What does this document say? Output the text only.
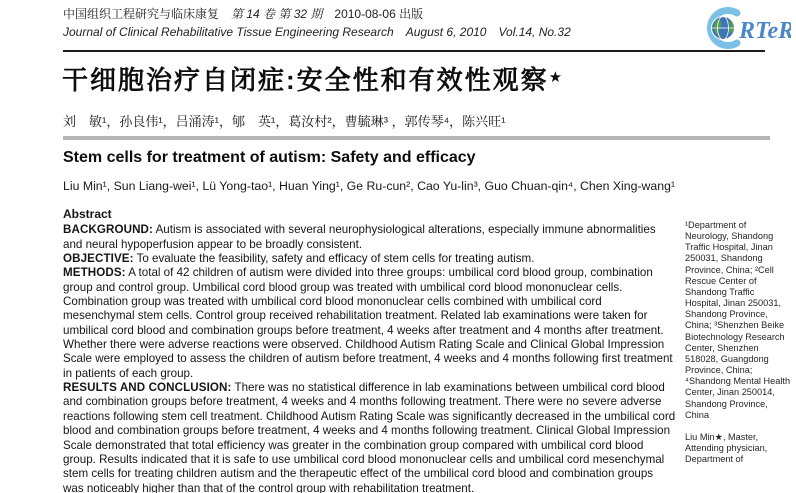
中国组织工程研究与临床康复 第 14 卷 第 32 期 2010-08-06 出版
Journal of Clinical Rehabilitative Tissue Engineering Research August 6, 2010 Vol.14, No.32	RTeR
干细胞治疗自闭症:安全性和有效性观察★
刘　敏¹，孙良伟¹，吕涌涛¹，郇　英¹，葛汝村²，曹毓琳³ ，郭传琴⁴，陈兴旺¹
Stem cells for treatment of autism: Safety and efficacy
Liu Min¹, Sun Liang-wei¹, Lü Yong-tao¹, Huan Ying¹, Ge Ru-cun², Cao Yu-lin³, Guo Chuan-qin⁴, Chen Xing-wang¹
Abstract

BACKGROUND: Autism is associated with several neurophysiological alterations, especially immune abnormalities and neural hypoperfusion appear to be broadly consistent.

OBJECTIVE: To evaluate the feasibility, safety and efficacy of stem cells for treating autism.

METHODS: A total of 42 children of autism were divided into three groups: umbilical cord blood group, combination group and control group. Umbilical cord blood group was treated with umbilical cord blood mononuclear cells. Combination group was treated with umbilical cord blood mononuclear cells combined with umbilical cord mesenchymal stem cells. Control group received rehabilitation treatment. Related lab examinations were taken for umbilical cord blood and combination groups before treatment, 4 weeks after treatment and 4 months after treatment. Whether there were adverse reactions were observed. Childhood Autism Rating Scale and Clinical Global Impression Scale were employed to assess the children of autism before treatment, 4 weeks and 4 months following first treatment in patients of each group.

RESULTS AND CONCLUSION: There was no statistical difference in lab examinations between umbilical cord blood and combination groups before treatment, 4 weeks and 4 months following treatment. There were no severe adverse reactions following stem cell treatment. Childhood Autism Rating Scale was significantly decreased in the umbilical cord blood and combination groups before treatment, 4 weeks and 4 months following treatment. Clinical Global Impression Scale demonstrated that total efficiency was greater in the combination group compared with umbilical cord blood group. Results indicated that it is safe to use umbilical cord blood mononuclear cells and umbilical cord mesenchymal stem cells for treating children autism and the therapeutic effect of the umbilical cord blood and combination groups was noticeably higher than that of the control group with rehabilitation treatment.

¹Department of Neurology, Shandong Traffic Hospital, Jinan 250031, Shandong Province, China; ²Cell Rescue Center of Shandong Traffic Hospital, Jinan 250031, Shandong Province, China; ³Shenzhen Beike Biotechnology Research Center, Shenzhen 518028, Guangdong Province, China; ⁴Shandong Mental Health Center, Jinan 250014, Shandong Province, China

Liu Min★, Master, Attending physician, Department of
